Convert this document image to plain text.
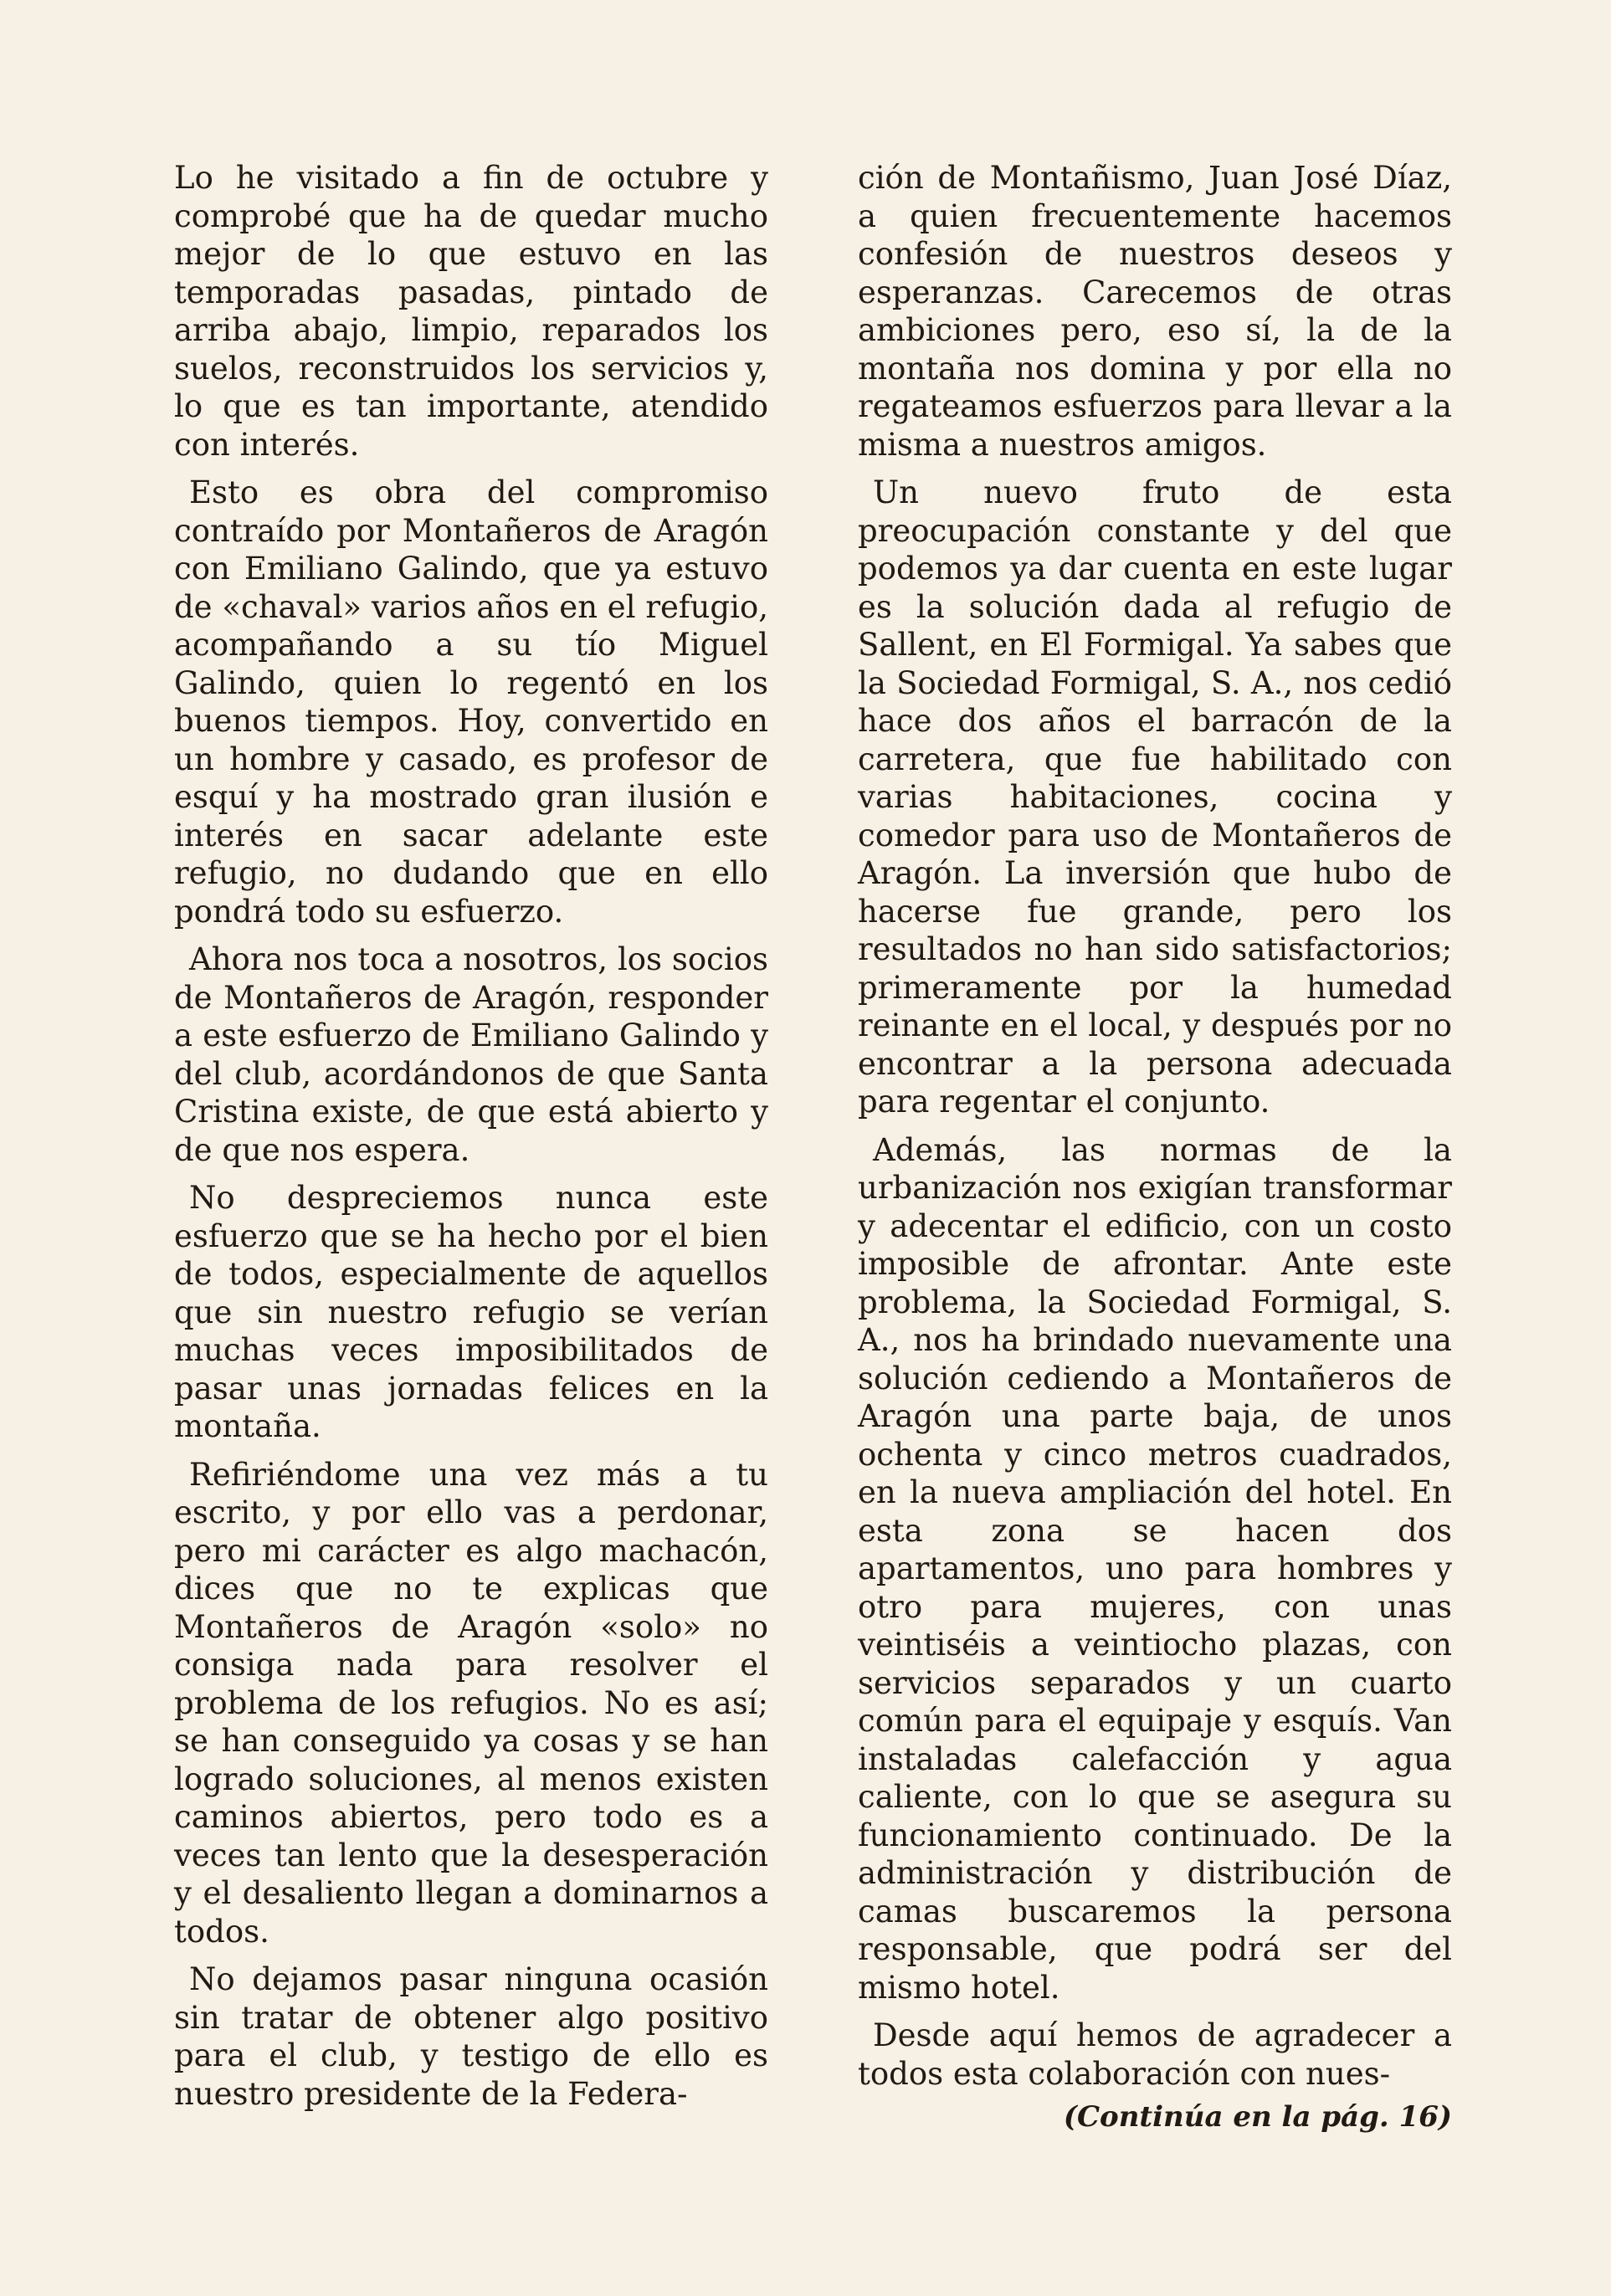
Lo he visitado a fin de octubre y comprobé que ha de quedar mucho mejor de lo que estuvo en las temporadas pasadas, pintado de arriba abajo, limpio, reparados los suelos, reconstruidos los servicios y, lo que es tan importante, atendido con interés.

Esto es obra del compromiso contraído por Montañeros de Aragón con Emiliano Galindo, que ya estuvo de «chaval» varios años en el refugio, acompañando a su tío Miguel Galindo, quien lo regentó en los buenos tiempos. Hoy, convertido en un hombre y casado, es profesor de esquí y ha mostrado gran ilusión e interés en sacar adelante este refugio, no dudando que en ello pondrá todo su esfuerzo.

Ahora nos toca a nosotros, los socios de Montañeros de Aragón, responder a este esfuerzo de Emiliano Galindo y del club, acordándonos de que Santa Cristina existe, de que está abierto y de que nos espera.

No despreciemos nunca este esfuerzo que se ha hecho por el bien de todos, especialmente de aquellos que sin nuestro refugio se verían muchas veces imposibilitados de pasar unas jornadas felices en la montaña.

Refiriéndome una vez más a tu escrito, y por ello vas a perdonar, pero mi carácter es algo machacón, dices que no te explicas que Montañeros de Aragón «solo» no consiga nada para resolver el problema de los refugios. No es así; se han conseguido ya cosas y se han logrado soluciones, al menos existen caminos abiertos, pero todo es a veces tan lento que la desesperación y el desaliento llegan a dominarnos a todos.

No dejamos pasar ninguna ocasión sin tratar de obtener algo positivo para el club, y testigo de ello es nuestro presidente de la Federa-

ción de Montañismo, Juan José Díaz, a quien frecuentemente hacemos confesión de nuestros deseos y esperanzas. Carecemos de otras ambiciones pero, eso sí, la de la montaña nos domina y por ella no regateamos esfuerzos para llevar a la misma a nuestros amigos.

Un nuevo fruto de esta preocupación constante y del que podemos ya dar cuenta en este lugar es la solución dada al refugio de Sallent, en El Formigal. Ya sabes que la Sociedad Formigal, S. A., nos cedió hace dos años el barracón de la carretera, que fue habilitado con varias habitaciones, cocina y comedor para uso de Montañeros de Aragón. La inversión que hubo de hacerse fue grande, pero los resultados no han sido satisfactorios; primeramente por la humedad reinante en el local, y después por no encontrar a la persona adecuada para regentar el conjunto.

Además, las normas de la urbanización nos exigían transformar y adecentar el edificio, con un costo imposible de afrontar. Ante este problema, la Sociedad Formigal, S. A., nos ha brindado nuevamente una solución cediendo a Montañeros de Aragón una parte baja, de unos ochenta y cinco metros cuadrados, en la nueva ampliación del hotel. En esta zona se hacen dos apartamentos, uno para hombres y otro para mujeres, con unas veintiséis a veintiocho plazas, con servicios separados y un cuarto común para el equipaje y esquís. Van instaladas calefacción y agua caliente, con lo que se asegura su funcionamiento continuado. De la administración y distribución de camas buscaremos la persona responsable, que podrá ser del mismo hotel.

Desde aquí hemos de agradecer a todos esta colaboración con nues-

(Continúa en la pág. 16)
